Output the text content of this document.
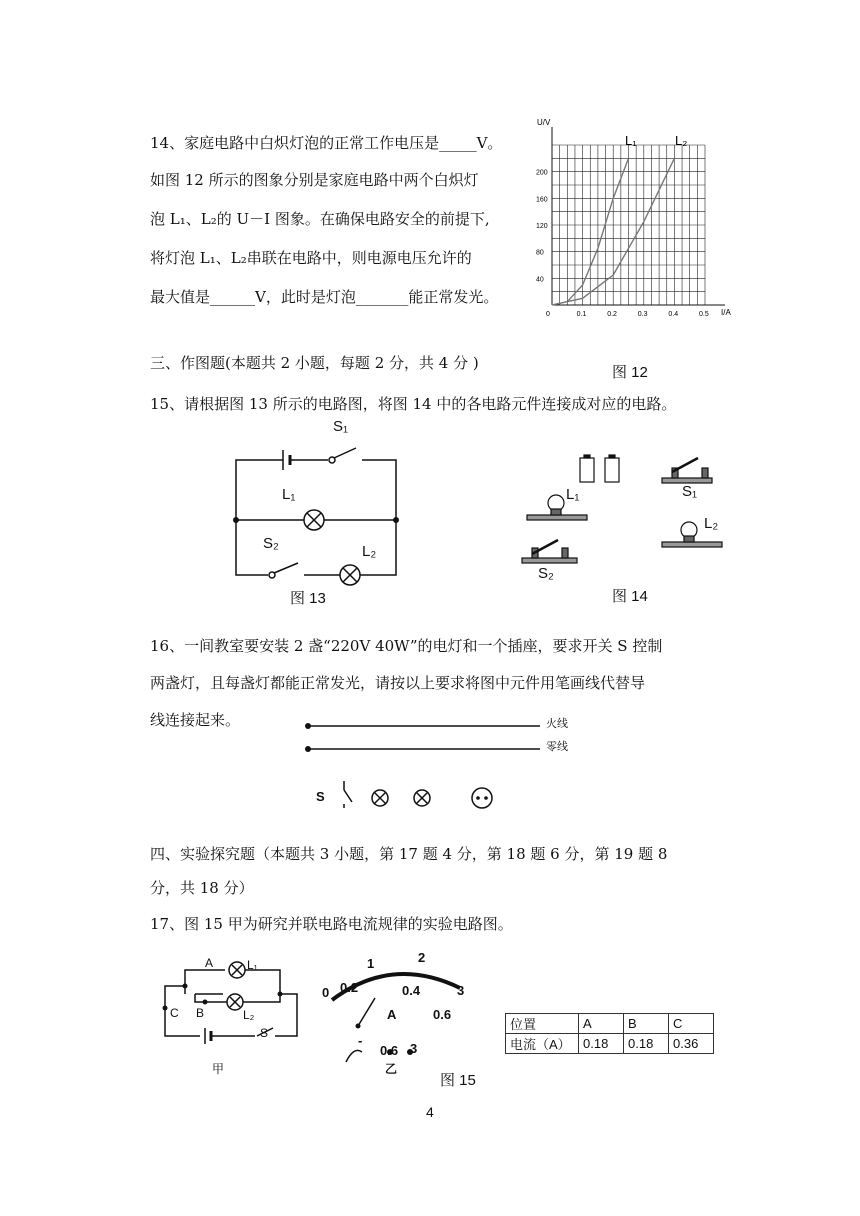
14、家庭电路中白炽灯泡的正常工作电压是_____V。
如图 12 所示的图象分别是家庭电路中两个白炽灯
泡 L₁、L₂的 U－I 图象。在确保电路安全的前提下,
将灯泡 L₁、L₂串联在电路中，则电源电压允许的
最大值是______V，此时是灯泡_______能正常发光。
0	0.1	0.2	0.3	0.4	0.5
40
80
120
160
200
U/V
I/A
L₁	L₂
图 12
三、作图题(本题共 2 小题，每题 2 分，共 4 分 )
15、请根据图 13 所示的电路图，将图 14 中的各电路元件连接成对应的电路。
S₁
L₁
S₂	L₂
图 13
L₁	S₁
L₂
S₂
图 14
16、一间教室要安装 2 盏“220V 40W”的电灯和一个插座，要求开关 S 控制
两盏灯，且每盏灯都能正常发光，请按以上要求将图中元件用笔画线代替导
线连接起来。	火线
零线
S
四、实验探究题（本题共 3 小题，第 17 题 4 分，第 18 题 6 分，第 19 题 8
分，共 18 分）
17、图 15 甲为研究并联电路电流规律的实验电路图。
A	L₁
C B	L₂
S
甲
0 0.2	0.4
0.6
1	2
3
A
-
0.6 3
乙
图 15
位置	A	B	C
电流（A）	0.18	0.18	0.36
4
